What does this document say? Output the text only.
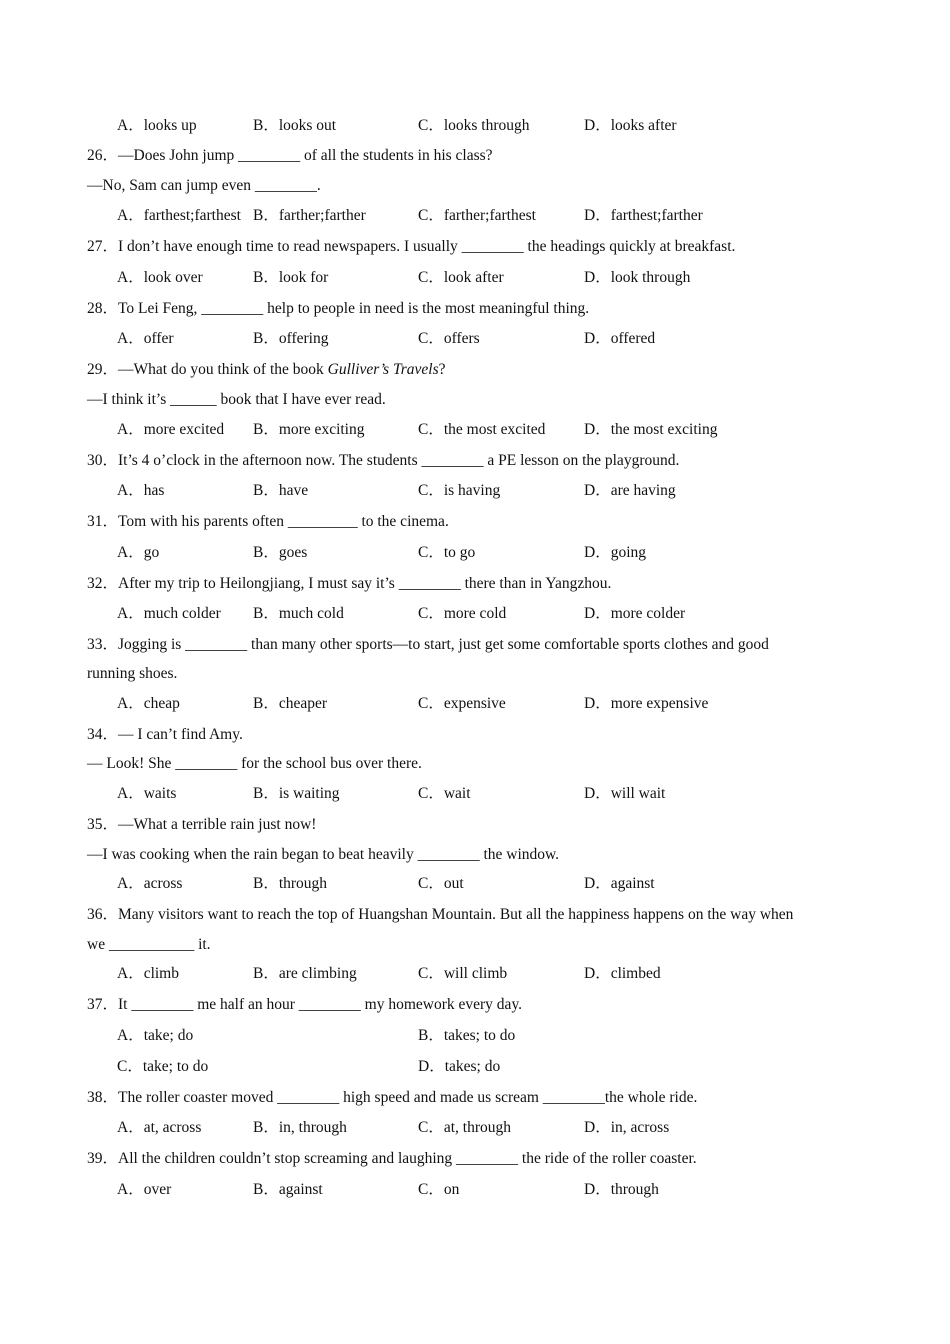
A．looks up	B．looks out	C．looks through	D．looks after
26．—Does John jump ________ of all the students in his class?
—No, Sam can jump even ________.
A．farthest;farthest B．farther;farther	C．farther;farthest	D．farthest;farther
27．I don’t have enough time to read newspapers. I usually ________ the headings quickly at breakfast.
A．look over	B．look for	C．look after	D．look through
28．To Lei Feng, ________ help to people in need is the most meaningful thing.
A．offer	B．offering	C．offers	D．offered
29．—What do you think of the book Gulliver’s Travels?
—I think it’s ______ book that I have ever read.
A．more excited B．more exciting	C．the most excited D．the most exciting
30．It’s 4 o’clock in the afternoon now. The students ________ a PE lesson on the playground.
A．has	B．have	C．is having	D．are having
31．Tom with his parents often _________ to the cinema.
A．go	B．goes	C．to go	D．going
32．After my trip to Heilongjiang, I must say it’s ________ there than in Yangzhou.
A．much colder B．much cold	C．more cold	D．more colder
33．Jogging is ________ than many other sports—to start, just get some comfortable sports clothes and good
running shoes.
A．cheap	B．cheaper	C．expensive	D．more expensive
34．— I can’t find Amy.
— Look! She ________ for the school bus over there.
A．waits	B．is waiting	C．wait	D．will wait
35．—What a terrible rain just now!
—I was cooking when the rain began to beat heavily ________ the window.
A．across	B．through	C．out	D．against
36．Many visitors want to reach the top of Huangshan Mountain. But all the happiness happens on the way when
we ___________ it.
A．climb	B．are climbing	C．will climb	D．climbed
37．It ________ me half an hour ________ my homework every day.
A．take; do	B．takes; to do
C．take; to do	D．takes; do
38．The roller coaster moved ________ high speed and made us scream ________the whole ride.
A．at, across	B．in, through	C．at, through	D．in, across
39．All the children couldn’t stop screaming and laughing ________ the ride of the roller coaster.
A．over	B．against	C．on	D．through
